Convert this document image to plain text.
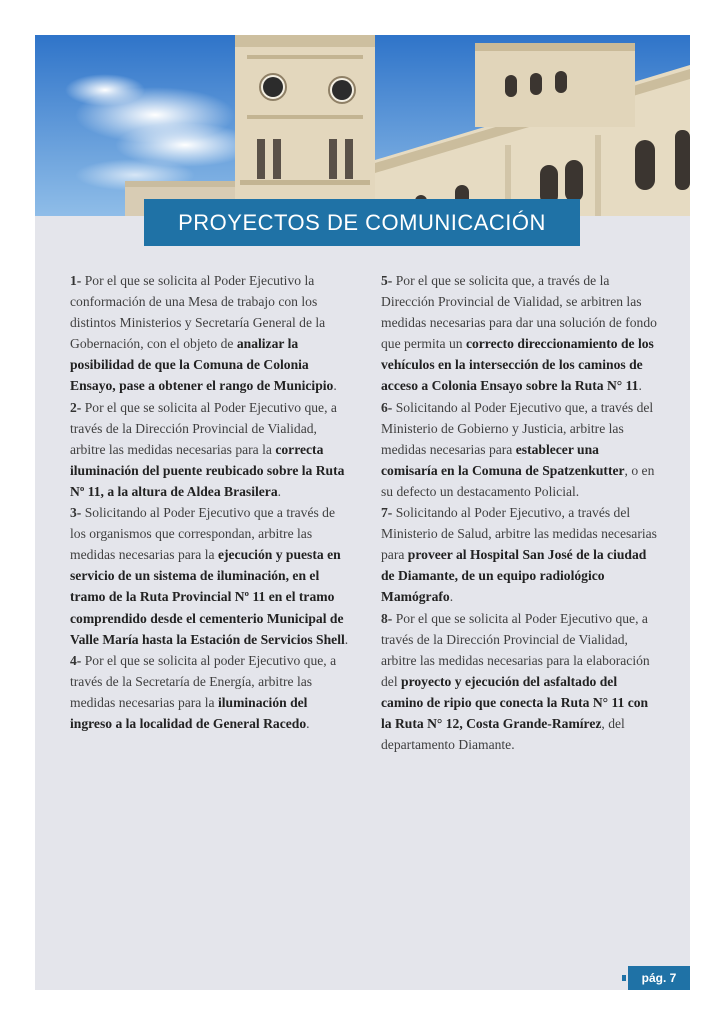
PROYECTOS DE COMUNICACIÓN

1- Por el que se solicita al Poder Ejecutivo la conformación de una Mesa de trabajo con los distintos Ministerios y Secretaría General de la Gobernación, con el objeto de analizar la posibilidad de que la Comuna de Colonia Ensayo, pase a obtener el rango de Municipio.

2- Por el que se solicita al Poder Ejecutivo que, a través de la Dirección Provincial de Vialidad, arbitre las medidas necesarias para la correcta iluminación del puente reubicado sobre la Ruta Nº 11, a la altura de Aldea Brasilera.

3- Solicitando al Poder Ejecutivo que a través de los organismos que correspondan, arbitre las medidas necesarias para la ejecución y puesta en servicio de un sistema de iluminación, en el tramo de la Ruta Provincial Nº 11 en el tramo comprendido desde el cementerio Municipal de Valle María hasta la Estación de Servicios Shell.

4- Por el que se solicita al poder Ejecutivo que, a través de la Secretaría de Energía, arbitre las medidas necesarias para la iluminación del ingreso a la localidad de General Racedo.

5- Por el que se solicita que, a través de la Dirección Provincial de Vialidad, se arbitren las medidas necesarias para dar una solución de fondo que permita un correcto direccionamiento de los vehículos en la intersección de los caminos de acceso a Colonia Ensayo sobre la Ruta N° 11.

6- Solicitando al Poder Ejecutivo que, a través del Ministerio de Gobierno y Justicia, arbitre las medidas necesarias para establecer una comisaría en la Comuna de Spatzenkutter, o en su defecto un destacamento Policial.

7- Solicitando al Poder Ejecutivo, a través del Ministerio de Salud, arbitre las medidas necesarias para proveer al Hospital San José de la ciudad de Diamante, de un equipo radiológico Mamógrafo.

8- Por el que se solicita al Poder Ejecutivo que, a través de la Dirección Provincial de Vialidad, arbitre las medidas necesarias para la elaboración del proyecto y ejecución del asfaltado del camino de ripio que conecta la Ruta N° 11 con la Ruta N° 12, Costa Grande-Ramírez, del departamento Diamante.

pág. 7
